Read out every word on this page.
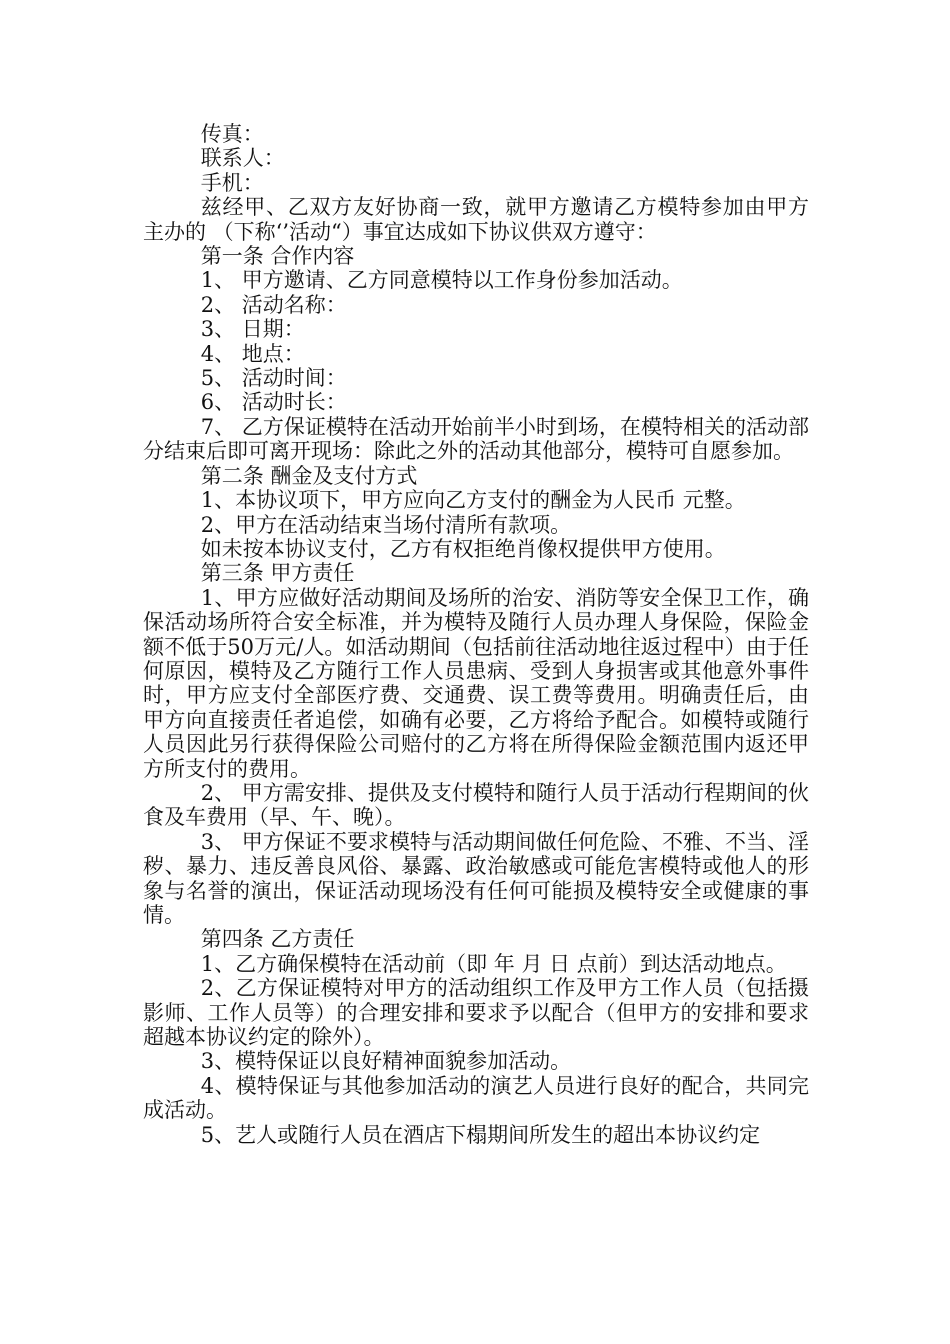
传真：

联系人：

手机：

兹经甲、乙双方友好协商一致，就甲方邀请乙方模特参加由甲方主办的 （下称‘’活动“）事宜达成如下协议供双方遵守：

第一条 合作内容

1、 甲方邀请、乙方同意模特以工作身份参加活动。

2、 活动名称：

3、 日期：

4、 地点：

5、 活动时间：

6、 活动时长：

7、 乙方保证模特在活动开始前半小时到场，在模特相关的活动部分结束后即可离开现场：除此之外的活动其他部分，模特可自愿参加。

第二条 酬金及支付方式

1、本协议项下，甲方应向乙方支付的酬金为人民币 元整。

2、甲方在活动结束当场付清所有款项。

如未按本协议支付，乙方有权拒绝肖像权提供甲方使用。

第三条 甲方责任

1、甲方应做好活动期间及场所的治安、消防等安全保卫工作，确保活动场所符合安全标准，并为模特及随行人员办理人身保险，保险金额不低于50万元/人。如活动期间（包括前往活动地往返过程中）由于任何原因，模特及乙方随行工作人员患病、受到人身损害或其他意外事件时，甲方应支付全部医疗费、交通费、误工费等费用。明确责任后，由甲方向直接责任者追偿，如确有必要，乙方将给予配合。如模特或随行人员因此另行获得保险公司赔付的乙方将在所得保险金额范围内返还甲方所支付的费用。

2、 甲方需安排、提供及支付模特和随行人员于活动行程期间的伙食及车费用（早、午、晚）。

3、 甲方保证不要求模特与活动期间做任何危险、不雅、不当、淫秽、暴力、违反善良风俗、暴露、政治敏感或可能危害模特或他人的形象与名誉的演出，保证活动现场没有任何可能损及模特安全或健康的事情。

第四条 乙方责任

1、乙方确保模特在活动前（即 年 月 日 点前）到达活动地点。

2、乙方保证模特对甲方的活动组织工作及甲方工作人员（包括摄影师、工作人员等）的合理安排和要求予以配合（但甲方的安排和要求超越本协议约定的除外）。

3、模特保证以良好精神面貌参加活动。

4、模特保证与其他参加活动的演艺人员进行良好的配合，共同完成活动。

5、艺人或随行人员在酒店下榻期间所发生的超出本协议约定
